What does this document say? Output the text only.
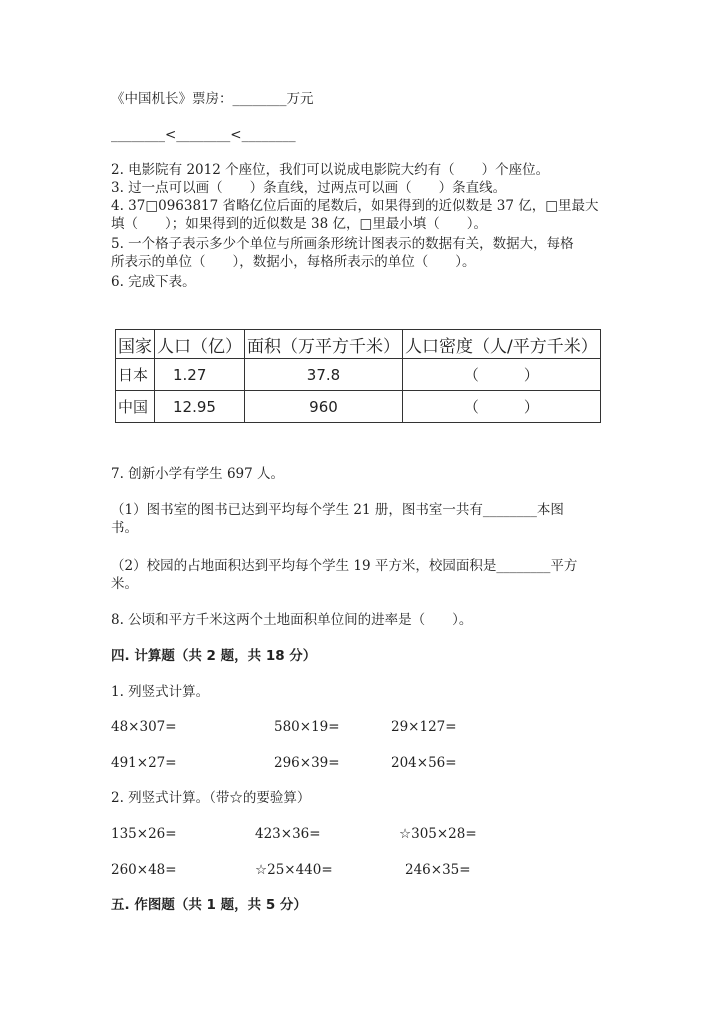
《中国机长》票房：________万元
________<________<________
2. 电影院有 2012 个座位，我们可以说成电影院大约有（　　）个座位。
3. 过一点可以画（　　）条直线，过两点可以画（　　）条直线。
4. 37□0963817 省略亿位后面的尾数后，如果得到的近似数是 37 亿，□里最大
填（　　）；如果得到的近似数是 38 亿，□里最小填（　　）。
5. 一个格子表示多少个单位与所画条形统计图表示的数据有关，数据大，每格
所表示的单位（　　），数据小，每格所表示的单位（　　）。
6. 完成下表。
国家	人口（亿）	面积（万平方千米）	人口密度（人/平方千米）
日本	1.27	37.8	（　　　）
中国	12.95	960	（　　　）
7. 创新小学有学生 697 人。
（1）图书室的图书已达到平均每个学生 21 册，图书室一共有________本图
书。
（2）校园的占地面积达到平均每个学生 19 平方米，校园面积是________平方
米。
8. 公顷和平方千米这两个土地面积单位间的进率是（　　）。
四. 计算题（共 2 题，共 18 分）
1. 列竖式计算。
48×307=	580×19=	29×127=
491×27=	296×39=	204×56=
2. 列竖式计算。（带☆的要验算）
135×26=	423×36=	☆305×28=
260×48=	☆25×440=	246×35=
五. 作图题（共 1 题，共 5 分）
